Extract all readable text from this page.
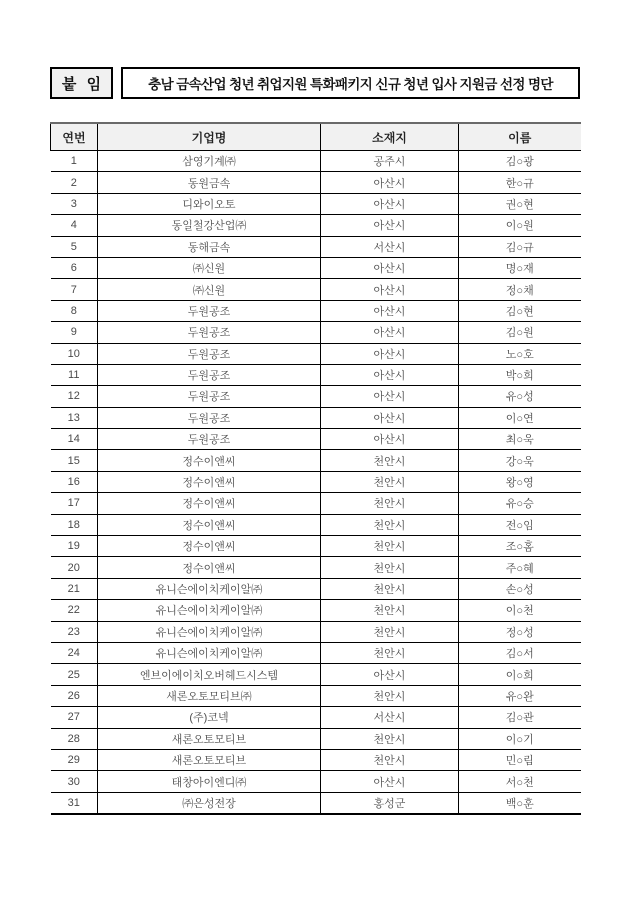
붙 임	충남 금속산업 청년 취업지원 특화패키지 신규 청년 입사 지원금 선정 명단
연번	기업명	소재지	이름
1	삼영기계㈜	공주시	김○광
2	동원금속	아산시	한○규
3	디와이오토	아산시	권○현
4	동일철강산업㈜	아산시	이○원
5	동해금속	서산시	김○규
6	㈜신원	아산시	명○재
7	㈜신원	아산시	정○채
8	두원공조	아산시	김○현
9	두원공조	아산시	김○원
10	두원공조	아산시	노○호
11	두원공조	아산시	박○희
12	두원공조	아산시	유○성
13	두원공조	아산시	이○연
14	두원공조	아산시	최○욱
15	정수이앤씨	천안시	강○욱
16	정수이앤씨	천안시	왕○영
17	정수이앤씨	천안시	유○승
18	정수이앤씨	천안시	전○임
19	정수이앤씨	천안시	조○홈
20	정수이앤씨	천안시	주○혜
21	유니슨에이치케이알㈜	천안시	손○성
22	유니슨에이치케이알㈜	천안시	이○천
23	유니슨에이치케이알㈜	천안시	정○성
24	유니슨에이치케이알㈜	천안시	김○서
25	엔브이에이치오버헤드시스템	아산시	이○희
26	새론오토모티브㈜	천안시	유○완
27	(주)코넥	서산시	김○관
28	새론오토모티브	천안시	이○기
29	새론오토모티브	천안시	민○림
30	태창아이엔디㈜	아산시	서○천
31	㈜은성전장	홍성군	백○훈
